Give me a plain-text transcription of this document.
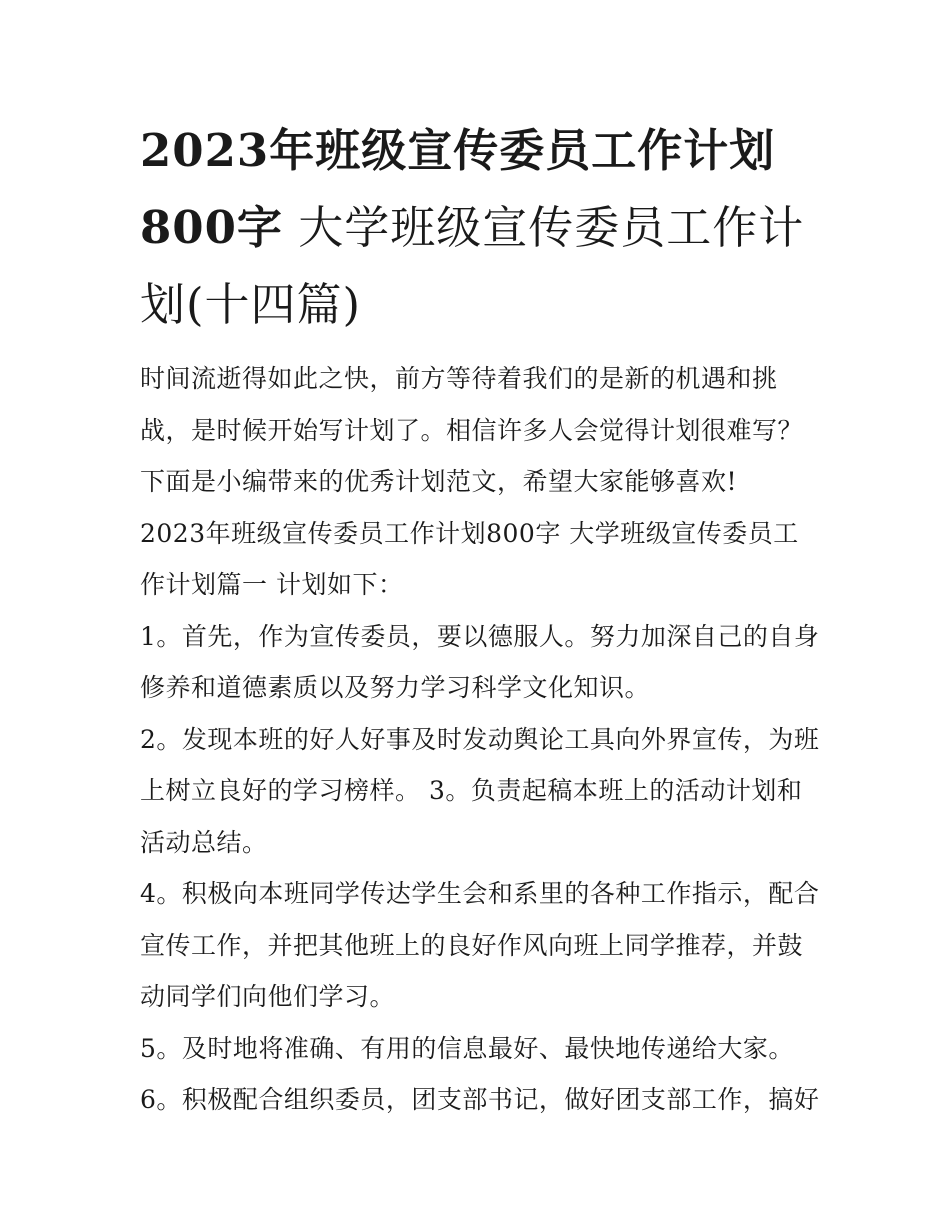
2023年班级宣传委员工作计划800字 大学班级宣传委员工作计划(十四篇)

时间流逝得如此之快，前方等待着我们的是新的机遇和挑战，是时候开始写计划了。相信许多人会觉得计划很难写？下面是小编带来的优秀计划范文，希望大家能够喜欢!

2023年班级宣传委员工作计划800字 大学班级宣传委员工作计划篇一 计划如下：

1。首先，作为宣传委员，要以德服人。努力加深自己的自身修养和道德素质以及努力学习科学文化知识。

2。发现本班的好人好事及时发动舆论工具向外界宣传，为班上树立良好的学习榜样。 3。负责起稿本班上的活动计划和活动总结。

4。积极向本班同学传达学生会和系里的各种工作指示，配合宣传工作，并把其他班上的良好作风向班上同学推荐，并鼓动同学们向他们学习。

5。及时地将准确、有用的信息最好、最快地传递给大家。

6。积极配合组织委员，团支部书记，做好团支部工作，搞好
